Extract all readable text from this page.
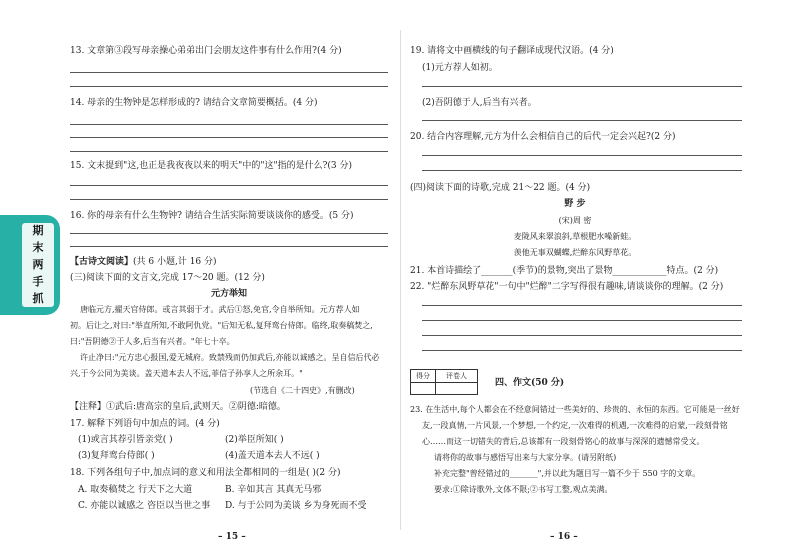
13. 文章第③段写母亲操心弟弟出门会朋友这件事有什么作用?(4 分)
14. 母亲的生物钟是怎样形成的? 请结合文章简要概括。(4 分)
15. 文末提到"这,也正是我夜夜以来的明天"中的"这"指的是什么?(3 分)
16. 你的母亲有什么生物钟? 请结合生活实际简要谈谈你的感受。(5 分)
【古诗文阅读】(共 6 小题,计 16 分)
(三)阅读下面的文言文,完成 17～20 题。(12 分)
元方举知
唐临元方,擢天官侍郎。或言其弱于才。武后①怒,免官,令自举所知。元方荐人如
初。后让之,对曰:"举直所知,不敢阿仇党。"后知无私,复拜鸾台侍郎。临终,取奏稿焚之,
曰:"吾阴德②于人多,后当有兴者。"年七十卒。
许止净曰:"元方忠心报国,爱无城府。致禁残而仍加武后,亦能以诚感之。呈自信后代必
兴,于今公同为美谈。盖天道本去人不远,菲信子孙享人之所余耳。"
(节选自《二十四史》,有删改)
【注释】①武后:唐高宗的皇后,武则天。②阴德:暗德。
17. 解释下列语句中加点的词。(4 分)
(1)或言其荐引皆亲党( )	(2)举臣所知( )
(3)复拜鸾台侍郎( )	(4)盖天道本去人不远( )
18. 下列各组句子中,加点词的意义和用法全都相同的一组是( )(2 分)
A. 取奏稿焚之 行天下之大道	B. 辛如其言 其真无马邪
C. 亦能以诚感之 咨臣以当世之事 D. 与于公同为美谈 乡为身死而不受
– 15 –
期
末
两
手
抓
19. 请将文中画横线的句子翻译成现代汉语。(4 分)
(1)元方荐人如初。
(2)吾阴德于人,后当有兴者。
20. 结合内容理解,元方为什么会相信自己的后代一定会兴起?(2 分)
(四)阅读下面的诗歌,完成 21～22 题。(4 分)
野 步
(宋)周 密
麦陇风来翠浪斜,草根肥水噪新蛙。
羡他无事双蝴蝶,烂醉东风野草花。
21. 本首诗描绘了_______(季节)的景物,突出了景物____________特点。(2 分)
22. "烂醉东风野草花"一句中"烂醉"二字写得很有趣味,请谈谈你的理解。(2 分)
四、作文(50 分)
23. 在生活中,每个人都会在不经意间错过一些美好的、珍贵的、永恒的东西。它可能是一丝好
友,一段真情,一片风景,一个梦想,一个约定,一次难得的机遇,一次难得的启蒙,一段刻骨铭
心……而这一切错失的背后,总该都有一段刻骨铭心的故事与深深的遗憾常受文。
请将你的故事与感悟写出来与大家分享。(请另附纸)
补充完整"曾经错过的_______",并以此为题目写一篇不少于 550 字的文章。
要求:①除诗歌外,文体不限;②书写工整,观点美满。
– 16 –
得分	评卷人
